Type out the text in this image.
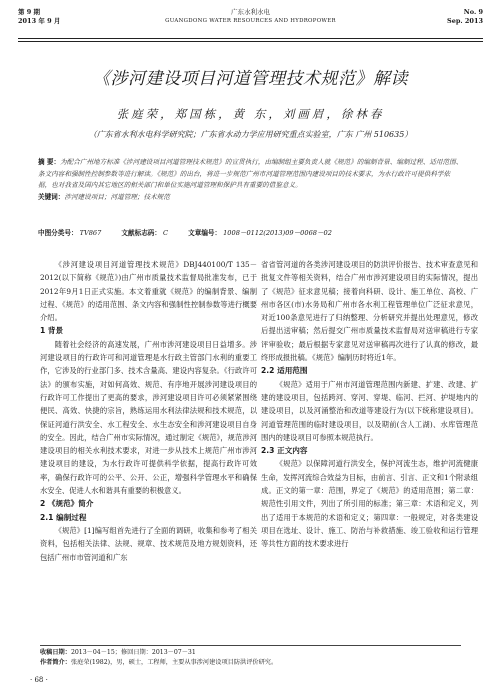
第 9 期
2013 年 9 月
广东水利水电
GUANGDONG WATER RESOURCES AND HYDROPOWER
No. 9
Sep. 2013
《涉河建设项目河道管理技术规范》解读
张庭荣，郑国栋，黄 东，刘画眉，徐林春
（广东省水利水电科学研究院；广东省水动力学应用研究重点实验室，广东 广州 510635）
摘 要：为配合广州地方标准《涉河建设项目河道管理技术规范》的宣贯执行，由编制组主要负责人就《规范》的编制背景、编制过程、适用范围、条文内容和强制性控制参数等进行解读。《规范》的出台，将进一步规范广州市河道管理范围内建设项目的技术要求，为水行政许可提供科学依据，也对我省及国内其它地区的相关部门和单位实施河道管理和保护具有重要的借鉴意义。
关键词：涉河建设项目；河道管理；技术规范
中图分类号： TV867	文献标志码： C	文章编号： 1008－0112(2013)09－0068－02

《涉河建设项目河道管理技术规范》DBJ440100/T 135－2012(以下简称《规范》)由广州市质量技术监督局批准发布，已于2012年9月1日正式实施。本文着重就《规范》的编制背景、编制过程、《规范》的适用范围、条文内容和强制性控制参数等进行概要介绍。

1 背景

随着社会经济的高速发展，广州市涉河建设项目日益增多。涉河建设项目的行政许可和河道管理是水行政主管部门水利的重要工作，它涉及的行业部门多、技术含量高、建设内容复杂。《行政许可法》的颁布实施，对如何高效、规范、有序地开展涉河建设项目的行政许可工作提出了更高的要求，涉河建设项目许可必须紧紧围绕便民、高效、快捷的宗旨，熟练运用水利法律法规和技术规范，以保证河道行洪安全、水工程安全、水生态安全和涉河建设项目自身的安全。因此，结合广州市实际情况，通过制定《规范》，规范涉河建设项目的相关水利技术要求，对进一步从技术上规范广州市涉河建设项目的建设，为水行政许可提供科学依据，提高行政许可效率，确保行政许可的公平、公开、公正，增强科学管理水平和确保水安全、促进人水和谐具有重要的积极意义。

2 《规范》简介
2.1 编制过程

《规范》[1]编写组首先进行了全面的调研，收集和参考了相关资料，包括相关法律、法规、规章、技术规范及地方规划资料，还包括广州市市管河道和广东

省省管河道的各类涉河建设项目的防洪评价报告、技术审查意见和批复文件等相关资料，结合广州市涉河建设项目的实际情况，提出了《规范》征求意见稿；接着向科研、设计、施工单位、高校、广州市各区(市)水务局和广州市各水利工程管理单位广泛征求意见，对近100条意见进行了归纳整理、分析研究并提出处理意见，修改后提出送审稿；然后提交广州市质量技术监督局对送审稿进行专家评审验收；最后根据专家意见对送审稿再次进行了认真的修改，最终形成报批稿。《规范》编制历时将近1年。

2.2 适用范围

《规范》适用于广州市河道管理范围内新建、扩建、改建、扩建的建设项目，包括跨河、穿河、穿堤、临河、拦河、护堤地内的建设项目，以及河涌整治和改道等建设行为(以下统称建设项目)。河道管理范围的临时建设项目，以及期前(含人工湖)、水库管理范围内的建设项目可参照本规范执行。

2.3 正文内容

《规范》以保障河道行洪安全，保护河流生态，维护河流健康生命，发挥河流综合效益为目标，由前言、引言、正文和1个附录组成。正文的第一章：范围，界定了《规范》的适用范围；第二章：规范性引用文件，列出了所引用的标准；第三章：术语和定义，列出了适用于本规范的术语和定义；第四章：一般规定，对各类建设项目在选址、设计、施工、防治与补救措施、竣工验收和运行管理等共性方面的技术要求进行

收稿日期：2013－04－15；修回日期：2013－07－31
作者简介：张庭荣(1982)，男，硕士，工程师，主要从事涉河建设项目防洪评价研究。
· 68 ·
